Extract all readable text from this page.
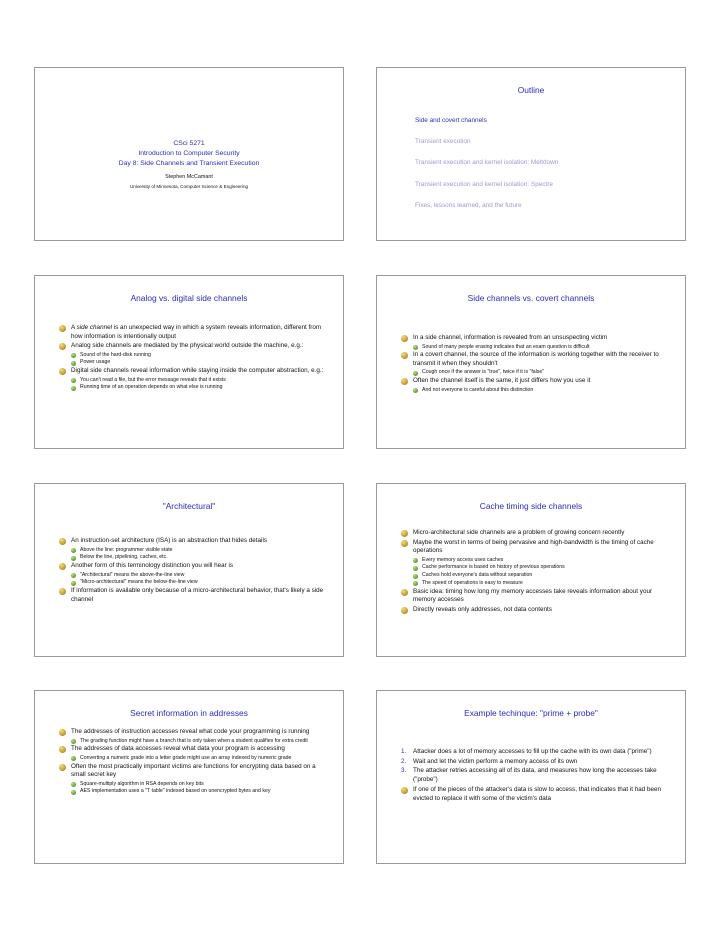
CSci 5271
Introduction to Computer Security
Day 8: Side Channels and Transient Execution
Stephen McCamant
University of Minnesota, Computer Science & Engineering
Outline
Side and covert channels
Transient execution
Transient execution and kernel isolation: Meltdown
Transient execution and kernel isolation: Spectre
Fixes, lessons learned, and the future
Analog vs. digital side channels
A side channel is an unexpected way in which a system reveals information, different from how information is intentionally output
Analog side channels are mediated by the physical world outside the machine, e.g.:
Sound of the hard-disk running
Power usage
Digital side channels reveal information while staying inside the computer abstraction, e.g.:
You can't read a file, but the error message reveals that it exists
Running time of an operation depends on what else is running
Side channels vs. covert channels
In a side channel, information is revealed from an unsuspecting victim
Sound of many people erasing indicates that an exam question is difficult
In a covert channel, the source of the information is working together with the receiver to transmit it when they shouldn't
Cough once if the answer is "true", twice if it is "false"
Often the channel itself is the same, it just differs how you use it
And not everyone is careful about this distinction
"Architectural"
An instruction-set architecture (ISA) is an abstraction that hides details
Above the line: programmer visible state
Below the line, pipelining, caches, etc.
Another form of this terminology distinction you will hear is
"Architectural" means the above-the-line view
"Micro-architectural" means the below-the-line view
If information is available only because of a micro-architectural behavior, that's likely a side channel
Cache timing side channels
Micro-architectural side channels are a problem of growing concern recently
Maybe the worst in terms of being pervasive and high-bandwidth is the timing of cache operations
Every memory access uses caches
Cache performance is based on history of previous operations
Caches hold everyone's data without separation
The speed of operations is easy to measure
Basic idea: timing how long my memory accesses take reveals information about your memory accesses
Directly reveals only addresses, not data contents
Secret information in addresses
The addresses of instruction accesses reveal what code your programming is running
The grading function might have a branch that is only taken when a student qualifies for extra credit
The addresses of data accesses reveal what data your program is accessing
Converting a numeric grade into a letter grade might use an array indexed by numeric grade
Often the most practically important victims are functions for encrypting data based on a small secret key
Square-multiply algorithm in RSA depends on key bits
AES implementation uses a "T table" indexed based on unencrypted bytes and key
Example techinque: "prime + probe"
1. Attacker does a lot of memory accesses to fill up the cache with its own data ("prime")
2. Wait and let the victim perform a memory access of its own
3. The attacker retries accessing all of its data, and measures how long the accesses take ("probe")
If one of the pieces of the attacker's data is slow to access, that indicates that it had been evicted to replace it with some of the victim's data
